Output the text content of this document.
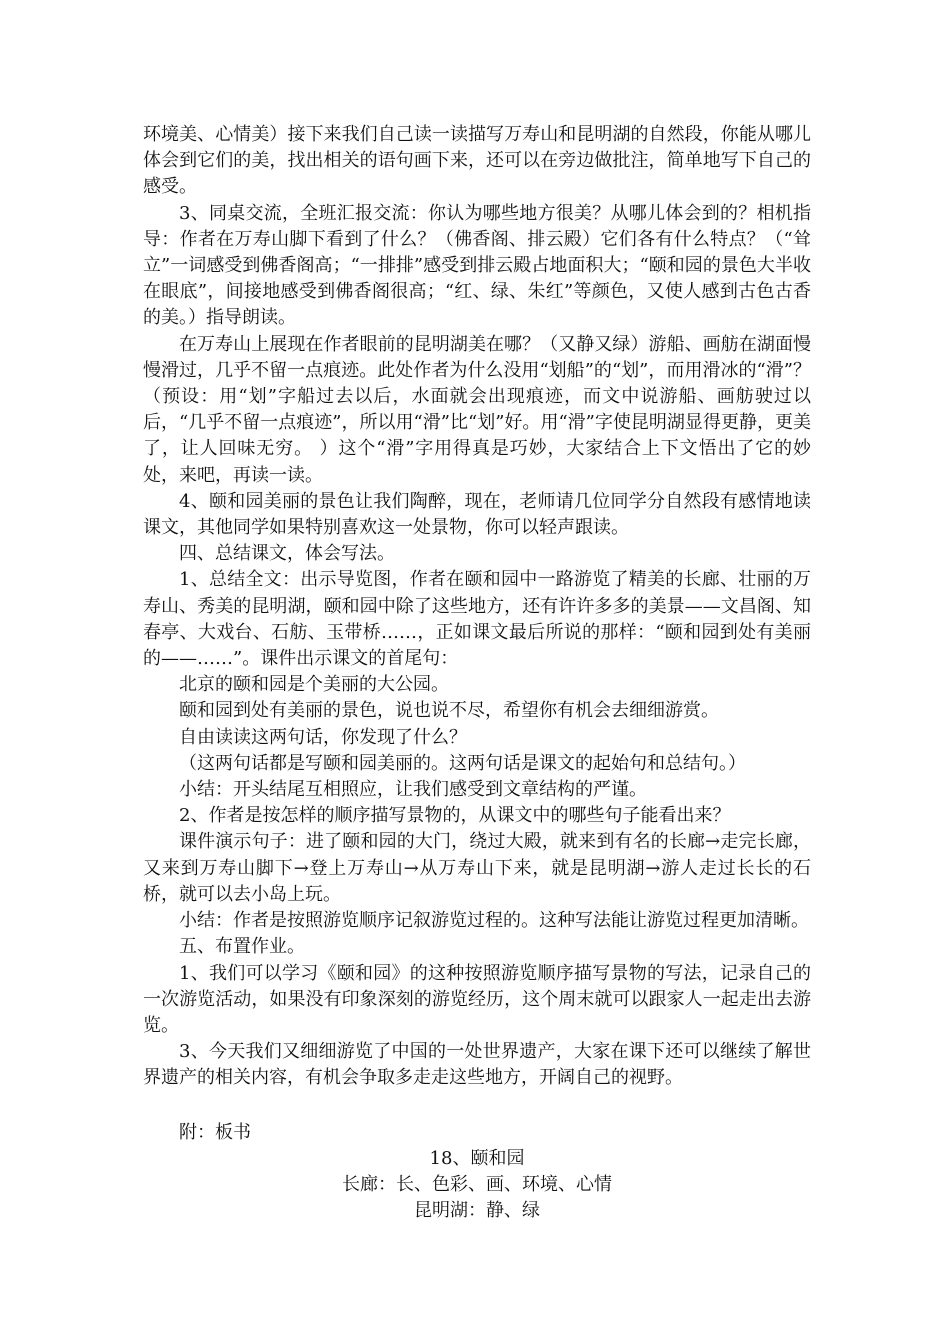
环境美、心情美）接下来我们自己读一读描写万寿山和昆明湖的自然段，你能从哪儿体会到它们的美，找出相关的语句画下来，还可以在旁边做批注，简单地写下自己的感受。

3、同桌交流，全班汇报交流：你认为哪些地方很美？从哪儿体会到的？相机指导：作者在万寿山脚下看到了什么？（佛香阁、排云殿）它们各有什么特点？（“耸立”一词感受到佛香阁高；“一排排”感受到排云殿占地面积大；“颐和园的景色大半收在眼底”，间接地感受到佛香阁很高；“红、绿、朱红”等颜色，又使人感到古色古香的美。）指导朗读。

在万寿山上展现在作者眼前的昆明湖美在哪？（又静又绿）游船、画舫在湖面慢慢滑过，几乎不留一点痕迹。此处作者为什么没用“划船”的“划”，而用滑冰的“滑”？（预设：用“划”字船过去以后，水面就会出现痕迹，而文中说游船、画舫驶过以后，“几乎不留一点痕迹”，所以用“滑”比“划”好。用“滑”字使昆明湖显得更静，更美了，让人回味无穷。 ）这个“滑”字用得真是巧妙，大家结合上下文悟出了它的妙处，来吧，再读一读。

4、颐和园美丽的景色让我们陶醉，现在，老师请几位同学分自然段有感情地读课文，其他同学如果特别喜欢这一处景物，你可以轻声跟读。

四、总结课文，体会写法。

1、总结全文：出示导览图，作者在颐和园中一路游览了精美的长廊、壮丽的万寿山、秀美的昆明湖，颐和园中除了这些地方，还有许许多多的美景——文昌阁、知春亭、大戏台、石舫、玉带桥……，正如课文最后所说的那样：“颐和园到处有美丽的——……”。课件出示课文的首尾句：

北京的颐和园是个美丽的大公园。

颐和园到处有美丽的景色，说也说不尽，希望你有机会去细细游赏。

自由读读这两句话，你发现了什么？

（这两句话都是写颐和园美丽的。这两句话是课文的起始句和总结句。）

小结：开头结尾互相照应，让我们感受到文章结构的严谨。

2、作者是按怎样的顺序描写景物的，从课文中的哪些句子能看出来？

课件演示句子：进了颐和园的大门，绕过大殿，就来到有名的长廊→走完长廊，又来到万寿山脚下→登上万寿山→从万寿山下来，就是昆明湖→游人走过长长的石桥，就可以去小岛上玩。

小结：作者是按照游览顺序记叙游览过程的。这种写法能让游览过程更加清晰。

五、布置作业。

1、我们可以学习《颐和园》的这种按照游览顺序描写景物的写法，记录自己的一次游览活动，如果没有印象深刻的游览经历，这个周末就可以跟家人一起走出去游览。

3、今天我们又细细游览了中国的一处世界遗产，大家在课下还可以继续了解世界遗产的相关内容，有机会争取多走走这些地方，开阔自己的视野。

附：板书

18、颐和园

长廊：长、色彩、画、环境、心情

昆明湖：静、绿
